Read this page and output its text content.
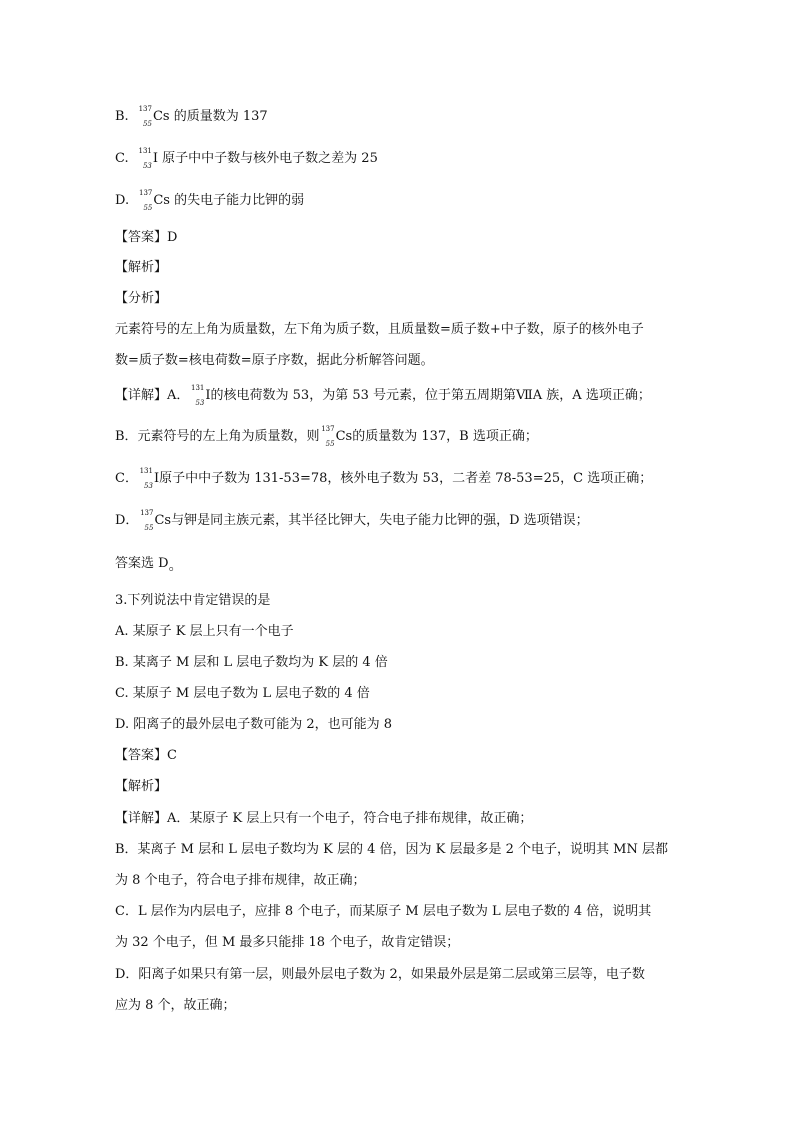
B. 137
55 Cs 的质量数为 137
C. 131
53 I 原子中中子数与核外电子数之差为 25
D. 137
55 Cs 的失电子能力比钾的弱
【答案】D
【解析】
【分析】
元素符号的左上角为质量数，左下角为质子数，且质量数=质子数+中子数，原子的核外电子
数=质子数=核电荷数=原子序数，据此分析解答问题。
【详解】A． 131
53 I的核电荷数为 53，为第 53 号元素，位于第五周期第ⅦA 族，A 选项正确；
B．元素符号的左上角为质量数，则 137
55 Cs的质量数为 137，B 选项正确；
C． 131
53 I原子中中子数为 131-53=78，核外电子数为 53，二者差 78-53=25，C 选项正确；
D． 137
55 Cs与钾是同主族元素，其半径比钾大，失电子能力比钾的强，D 选项错误；
答案选 D。
3.下列说法中肯定错误的是
A. 某原子 K 层上只有一个电子
B. 某离子 M 层和 L 层电子数均为 K 层的 4 倍
C. 某原子 M 层电子数为 L 层电子数的 4 倍
D. 阳离子的最外层电子数可能为 2，也可能为 8
【答案】C
【解析】
【详解】A．某原子 K 层上只有一个电子，符合电子排布规律，故正确；
B．某离子 M 层和 L 层电子数均为 K 层的 4 倍，因为 K 层最多是 2 个电子，说明其 MN 层都
为 8 个电子，符合电子排布规律，故正确；
C．L 层作为内层电子，应排 8 个电子，而某原子 M 层电子数为 L 层电子数的 4 倍，说明其
为 32 个电子，但 M 最多只能排 18 个电子，故肯定错误；
D．阳离子如果只有第一层，则最外层电子数为 2，如果最外层是第二层或第三层等，电子数
应为 8 个，故正确；
